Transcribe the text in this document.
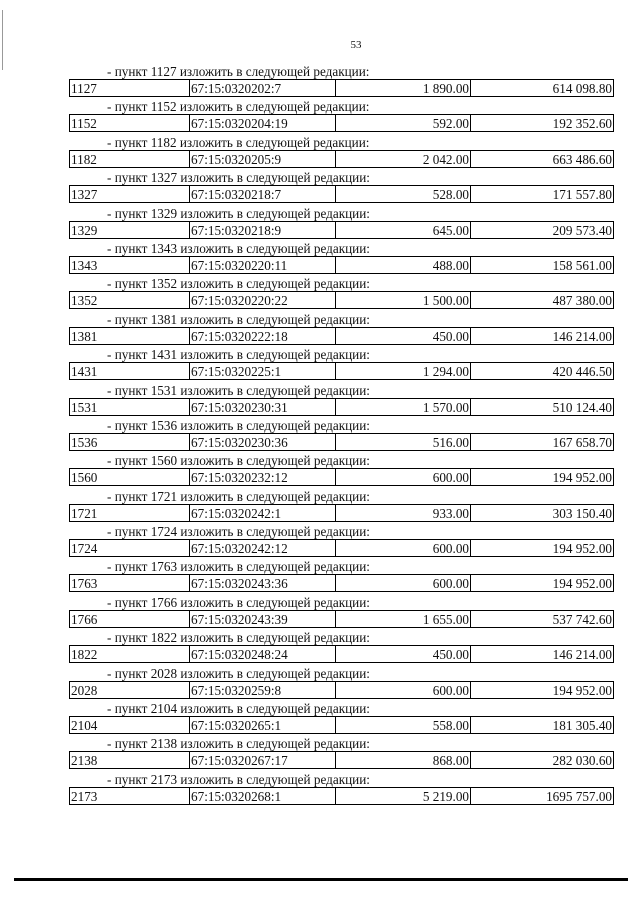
53
- пункт 1127 изложить в следующей редакции:
1127	67:15:0320202:7	1 890.00	614 098.80
- пункт 1152 изложить в следующей редакции:
1152	67:15:0320204:19	592.00	192 352.60
- пункт 1182 изложить в следующей редакции:
1182	67:15:0320205:9	2 042.00	663 486.60
- пункт 1327 изложить в следующей редакции:
1327	67:15:0320218:7	528.00	171 557.80
- пункт 1329 изложить в следующей редакции:
1329	67:15:0320218:9	645.00	209 573.40
- пункт 1343 изложить в следующей редакции:
1343	67:15:0320220:11	488.00	158 561.00
- пункт 1352 изложить в следующей редакции:
1352	67:15:0320220:22	1 500.00	487 380.00
- пункт 1381 изложить в следующей редакции:
1381	67:15:0320222:18	450.00	146 214.00
- пункт 1431 изложить в следующей редакции:
1431	67:15:0320225:1	1 294.00	420 446.50
- пункт 1531 изложить в следующей редакции:
1531	67:15:0320230:31	1 570.00	510 124.40
- пункт 1536 изложить в следующей редакции:
1536	67:15:0320230:36	516.00	167 658.70
- пункт 1560 изложить в следующей редакции:
1560	67:15:0320232:12	600.00	194 952.00
- пункт 1721 изложить в следующей редакции:
1721	67:15:0320242:1	933.00	303 150.40
- пункт 1724 изложить в следующей редакции:
1724	67:15:0320242:12	600.00	194 952.00
- пункт 1763 изложить в следующей редакции:
1763	67:15:0320243:36	600.00	194 952.00
- пункт 1766 изложить в следующей редакции:
1766	67:15:0320243:39	1 655.00	537 742.60
- пункт 1822 изложить в следующей редакции:
1822	67:15:0320248:24	450.00	146 214.00
- пункт 2028 изложить в следующей редакции:
2028	67:15:0320259:8	600.00	194 952.00
- пункт 2104 изложить в следующей редакции:
2104	67:15:0320265:1	558.00	181 305.40
- пункт 2138 изложить в следующей редакции:
2138	67:15:0320267:17	868.00	282 030.60
- пункт 2173 изложить в следующей редакции:
2173	67:15:0320268:1	5 219.00	1695 757.00
